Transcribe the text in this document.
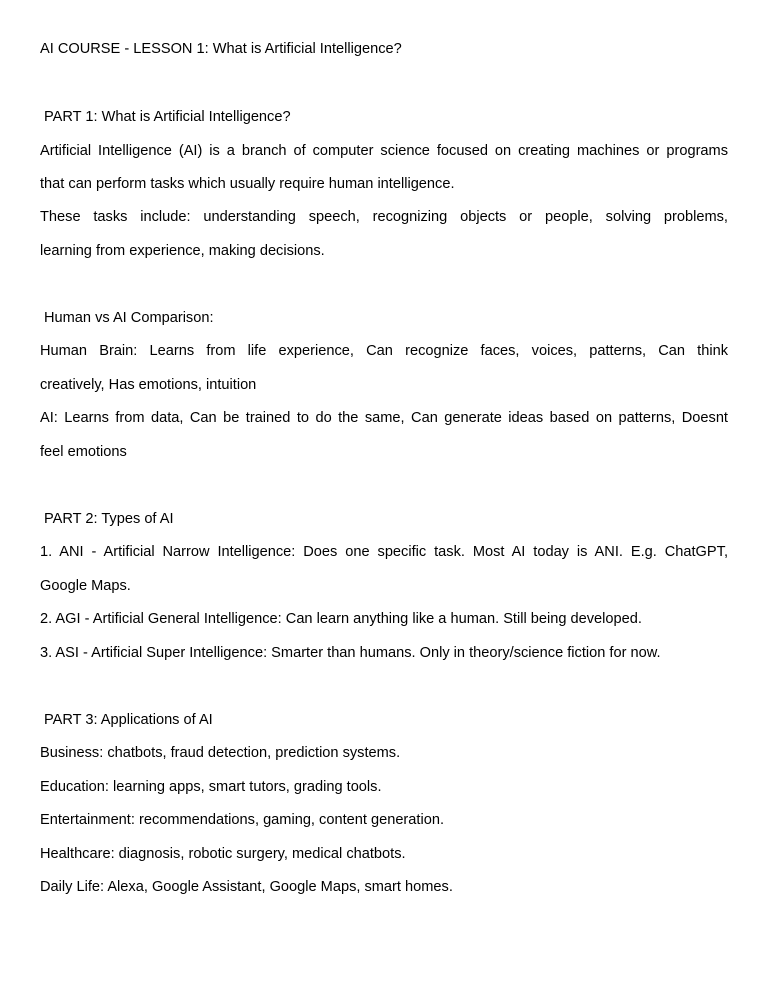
AI COURSE - LESSON 1: What is Artificial Intelligence?

PART 1: What is Artificial Intelligence?

Artificial Intelligence (AI) is a branch of computer science focused on creating machines or programs

that can perform tasks which usually require human intelligence.

These tasks include: understanding speech, recognizing objects or people, solving problems,

learning from experience, making decisions.

Human vs AI Comparison:

Human Brain: Learns from life experience, Can recognize faces, voices, patterns, Can think

creatively, Has emotions, intuition

AI: Learns from data, Can be trained to do the same, Can generate ideas based on patterns, Doesnt

feel emotions

PART 2: Types of AI

1. ANI - Artificial Narrow Intelligence: Does one specific task. Most AI today is ANI. E.g. ChatGPT,

Google Maps.

2. AGI - Artificial General Intelligence: Can learn anything like a human. Still being developed.

3. ASI - Artificial Super Intelligence: Smarter than humans. Only in theory/science fiction for now.

PART 3: Applications of AI

Business: chatbots, fraud detection, prediction systems.

Education: learning apps, smart tutors, grading tools.

Entertainment: recommendations, gaming, content generation.

Healthcare: diagnosis, robotic surgery, medical chatbots.

Daily Life: Alexa, Google Assistant, Google Maps, smart homes.
